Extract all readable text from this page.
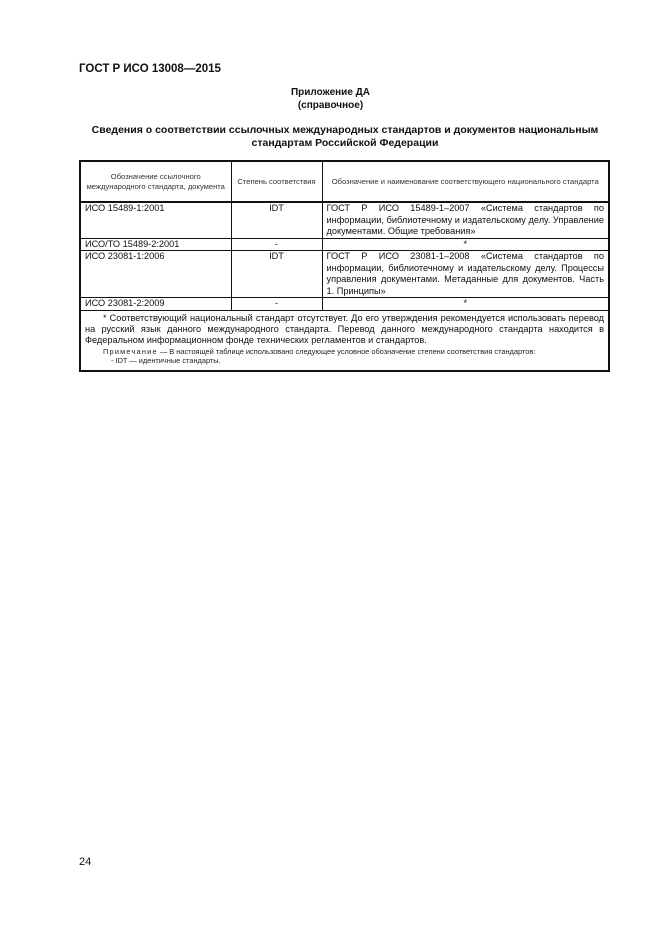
ГОСТ Р ИСО 13008—2015
Приложение ДА
(справочное)
Сведения о соответствии ссылочных международных стандартов и документов национальным стандартам Российской Федерации
Обозначение ссылочного международного стандарта, документа	Степень соответствия	Обозначение и наименование соответствующего национального стандарта
ИСО 15489-1:2001	IDT	ГОСТ Р ИСО 15489-1–2007 «Система стандартов по информации, библиотечному и издательскому делу. Управление документами. Общие требования»
ИСО/ТО 15489-2:2001	-	*
ИСО 23081-1:2006	IDT	ГОСТ Р ИСО 23081-1–2008 «Система стандартов по информации, библиотечному и издательскому делу. Процессы управления документами. Метаданные для документов. Часть 1. Принципы»
ИСО 23081-2:2009	-	*

* Соответствующий национальный стандарт отсутствует. До его утверждения рекомендуется использовать перевод на русский язык данного международного стандарта. Перевод данного международного стандарта находится в Федеральном информационном фонде технических регламентов и стандартов.
Примечание — В настоящей таблице использовано следующее условное обозначение степени соответствия стандартов:
- IDT — идентичные стандарты.		
24
